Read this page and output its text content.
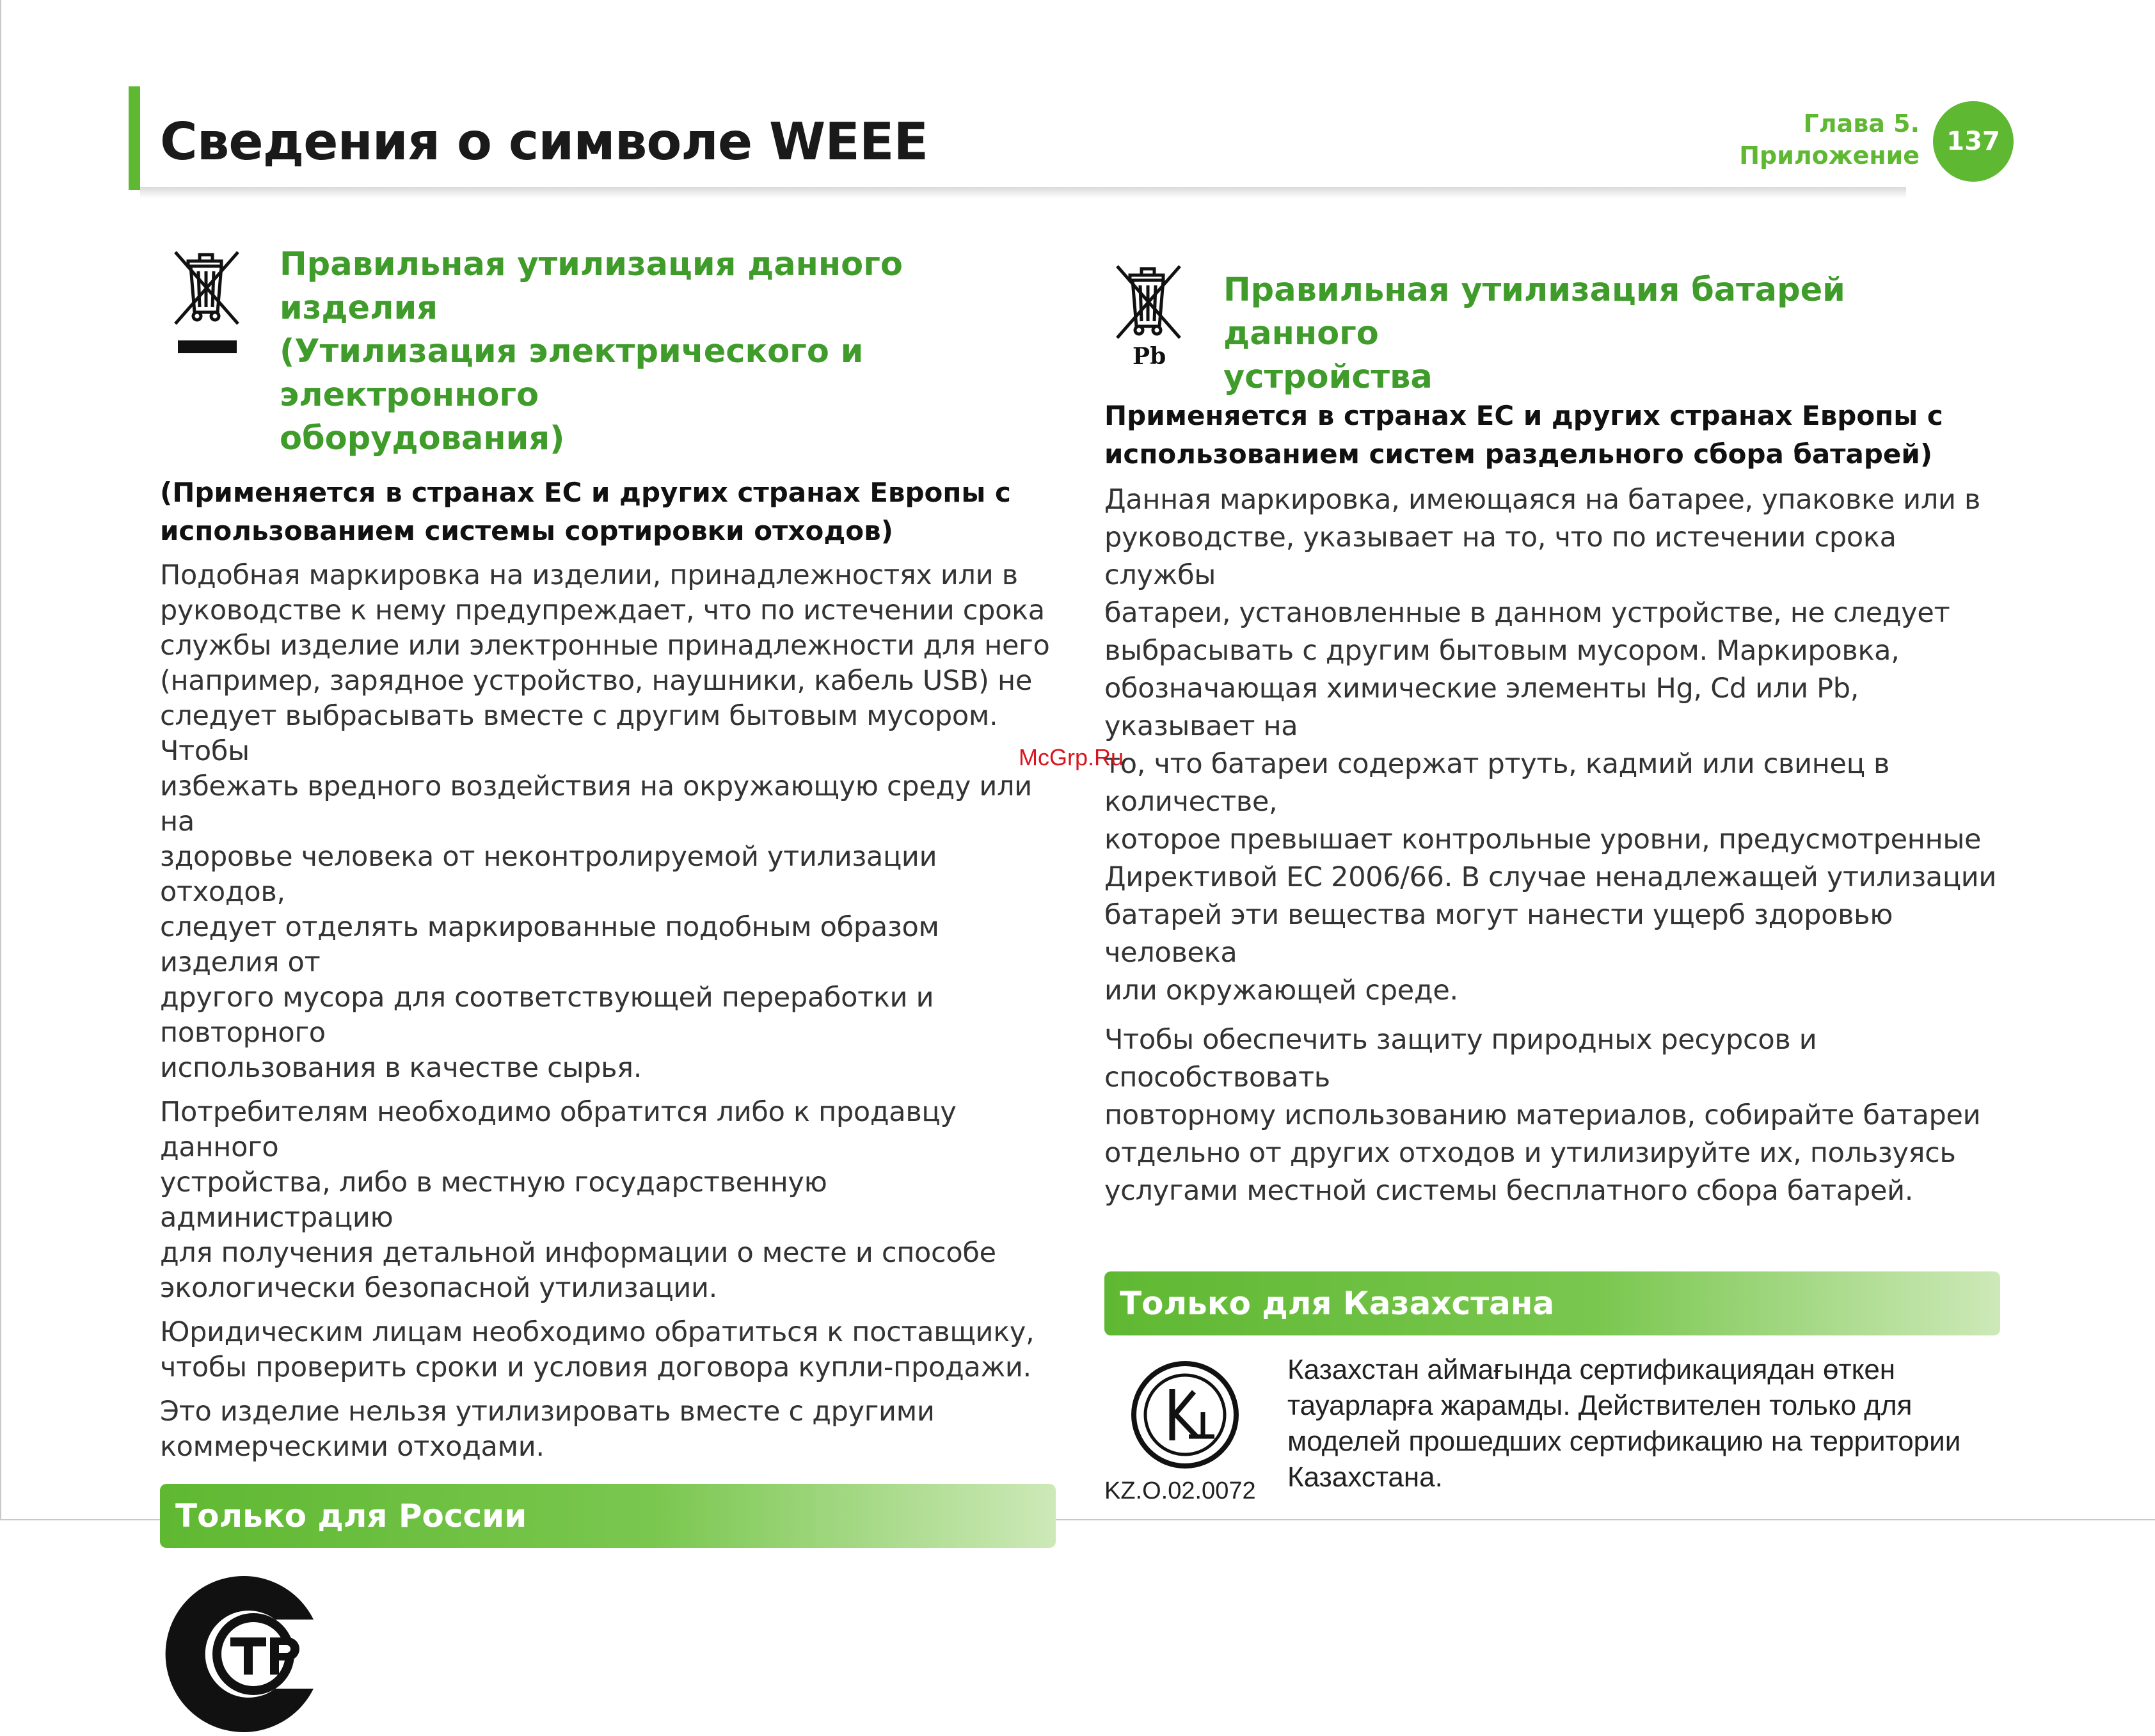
Сведения о символе WEEE	Глава 5.
Приложение	137

Правильная утилизация данного изделия

(Утилизация электрического и электронного

оборудования)

(Применяется в странах ЕС и других странах Европы с

использованием системы сортировки отходов)

Подобная маркировка на изделии, принадлежностях или в

руководстве к нему предупреждает, что по истечении срока

службы изделие или электронные принадлежности для него

(например, зарядное устройство, наушники, кабель USB) не

следует выбрасывать вместе с другим бытовым мусором. Чтобы

избежать вредного воздействия на окружающую среду или на

здоровье человека от неконтролируемой утилизации отходов,

следует отделять маркированные подобным образом изделия от

другого мусора для соответствующей переработки и повторного

использования в качестве сырья.

Потребителям необходимо обратится либо к продавцу данного

устройства, либо в местную государственную администрацию

для получения детальной информации о месте и способе

экологически безопасной утилизации.

Юридическим лицам необходимо обратиться к поставщику,

чтобы проверить сроки и условия договора купли-продажи.

Это изделие нельзя утилизировать вместе с другими

коммерческими отходами.

Только для России

Правильная утилизация батарей данного

устройства

Применяется в странах ЕС и других странах Европы с

использованием систем раздельного сбора батарей)

Данная маркировка, имеющаяся на батарее, упаковке или в

руководстве, указывает на то, что по истечении срока службы

батареи, установленные в данном устройстве, не следует

выбрасывать с другим бытовым мусором. Маркировка,

обозначающая химические элементы Hg, Cd или Pb, указывает на

то, что батареи содержат ртуть, кадмий или свинец в количестве,

которое превышает контрольные уровни, предусмотренные

Директивой ЕС 2006/66. В случае ненадлежащей утилизации

батарей эти вещества могут нанести ущерб здоровью человека

или окружающей среде.

Чтобы обеспечить защиту природных ресурсов и способствовать

повторному использованию материалов, собирайте батареи

отдельно от других отходов и утилизируйте их, пользуясь

услугами местной системы бесплатного сбора батарей.

Только для Казахстана
KZ.O.02.0072

Казахстан аймағында сертификациядан өткен

тауарларға жарамды. Действителен только для

моделей прошедших сертификацию на территории

Казахстана.

Pb
McGrp.Ru
